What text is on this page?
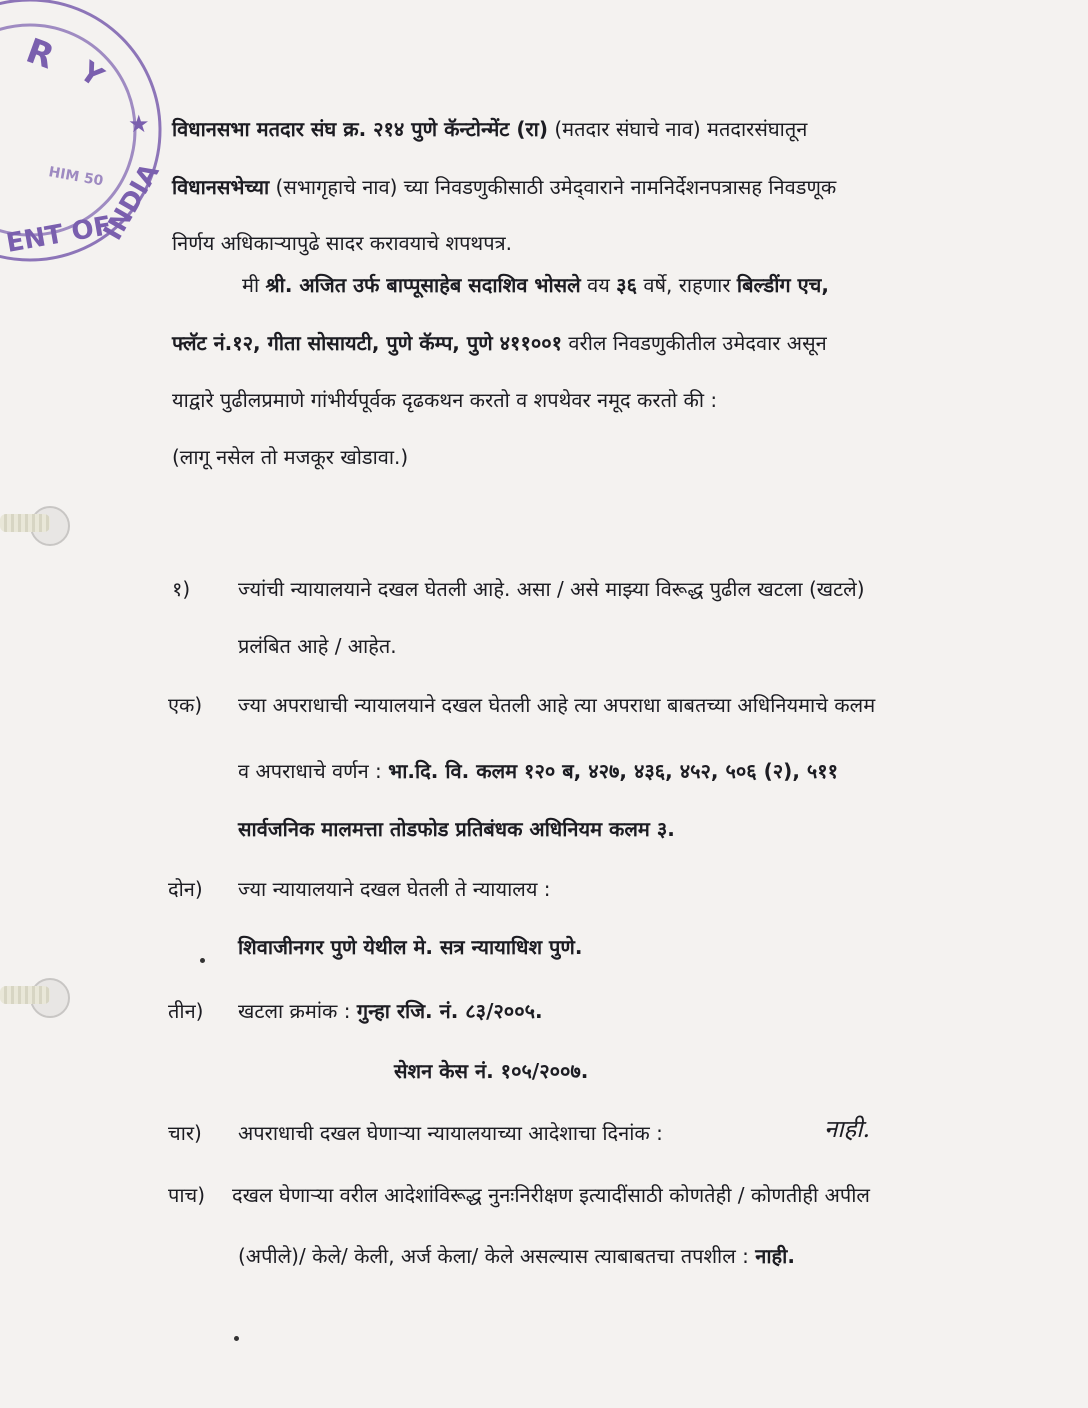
R Y
★
INDIA
ENT OF
HIM 50
विधानसभा मतदार संघ क्र. २१४ पुणे कॅन्टोन्मेंट (रा) (मतदार संघाचे नाव) मतदारसंघातून
विधानसभेच्या (सभागृहाचे नाव) च्या निवडणुकीसाठी उमेद्‌वाराने नामनिर्देशनपत्रासह निवडणूक
निर्णय अधिकाऱ्यापुढे सादर करावयाचे शपथपत्र.
मी श्री. अजित उर्फ बाप्पूसाहेब सदाशिव भोसले वय ३६ वर्षे, राहणार बिल्डींग एच,
फ्लॅट नं.१२, गीता सोसायटी, पुणे कॅम्प, पुणे ४११००१ वरील निवडणुकीतील उमेदवार असून
याद्वारे पुढीलप्रमाणे गांभीर्यपूर्वक दृढकथन करतो व शपथेवर नमूद करतो की :
(लागू नसेल तो मजकूर खोडावा.)
१) ज्यांची न्यायालयाने दखल घेतली आहे. असा / असे माझ्या विरूद्ध पुढील खटला (खटले)
प्रलंबित आहे / आहेत.
एक) ज्या अपराधाची न्यायालयाने दखल घेतली आहे त्या अपराधा बाबतच्या अधिनियमाचे कलम
व अपराधाचे वर्णन : भा.दि. वि. कलम १२० ब, ४२७, ४३६, ४५२, ५०६ (२), ५११
सार्वजनिक मालमत्ता तोडफोड प्रतिबंधक अधिनियम कलम ३.
दोन) ज्या न्यायालयाने दखल घेतली ते न्यायालय :
शिवाजीनगर पुणे येथील मे. सत्र न्यायाधिश पुणे.
तीन) खटला क्रमांक : गुन्हा रजि. नं. ८३/२००५.
सेशन केस नं. १०५/२००७.
चार) अपराधाची दखल घेणाऱ्या न्यायालयाच्या आदेशाचा दिनांक :	नाही.
पाच) दखल घेणाऱ्या वरील आदेशांविरूद्ध नुनःनिरीक्षण इत्यादींसाठी कोणतेही / कोणतीही अपील
(अपीले)/ केले/ केली, अर्ज केला/ केले असल्यास त्याबाबतचा तपशील : नाही.
